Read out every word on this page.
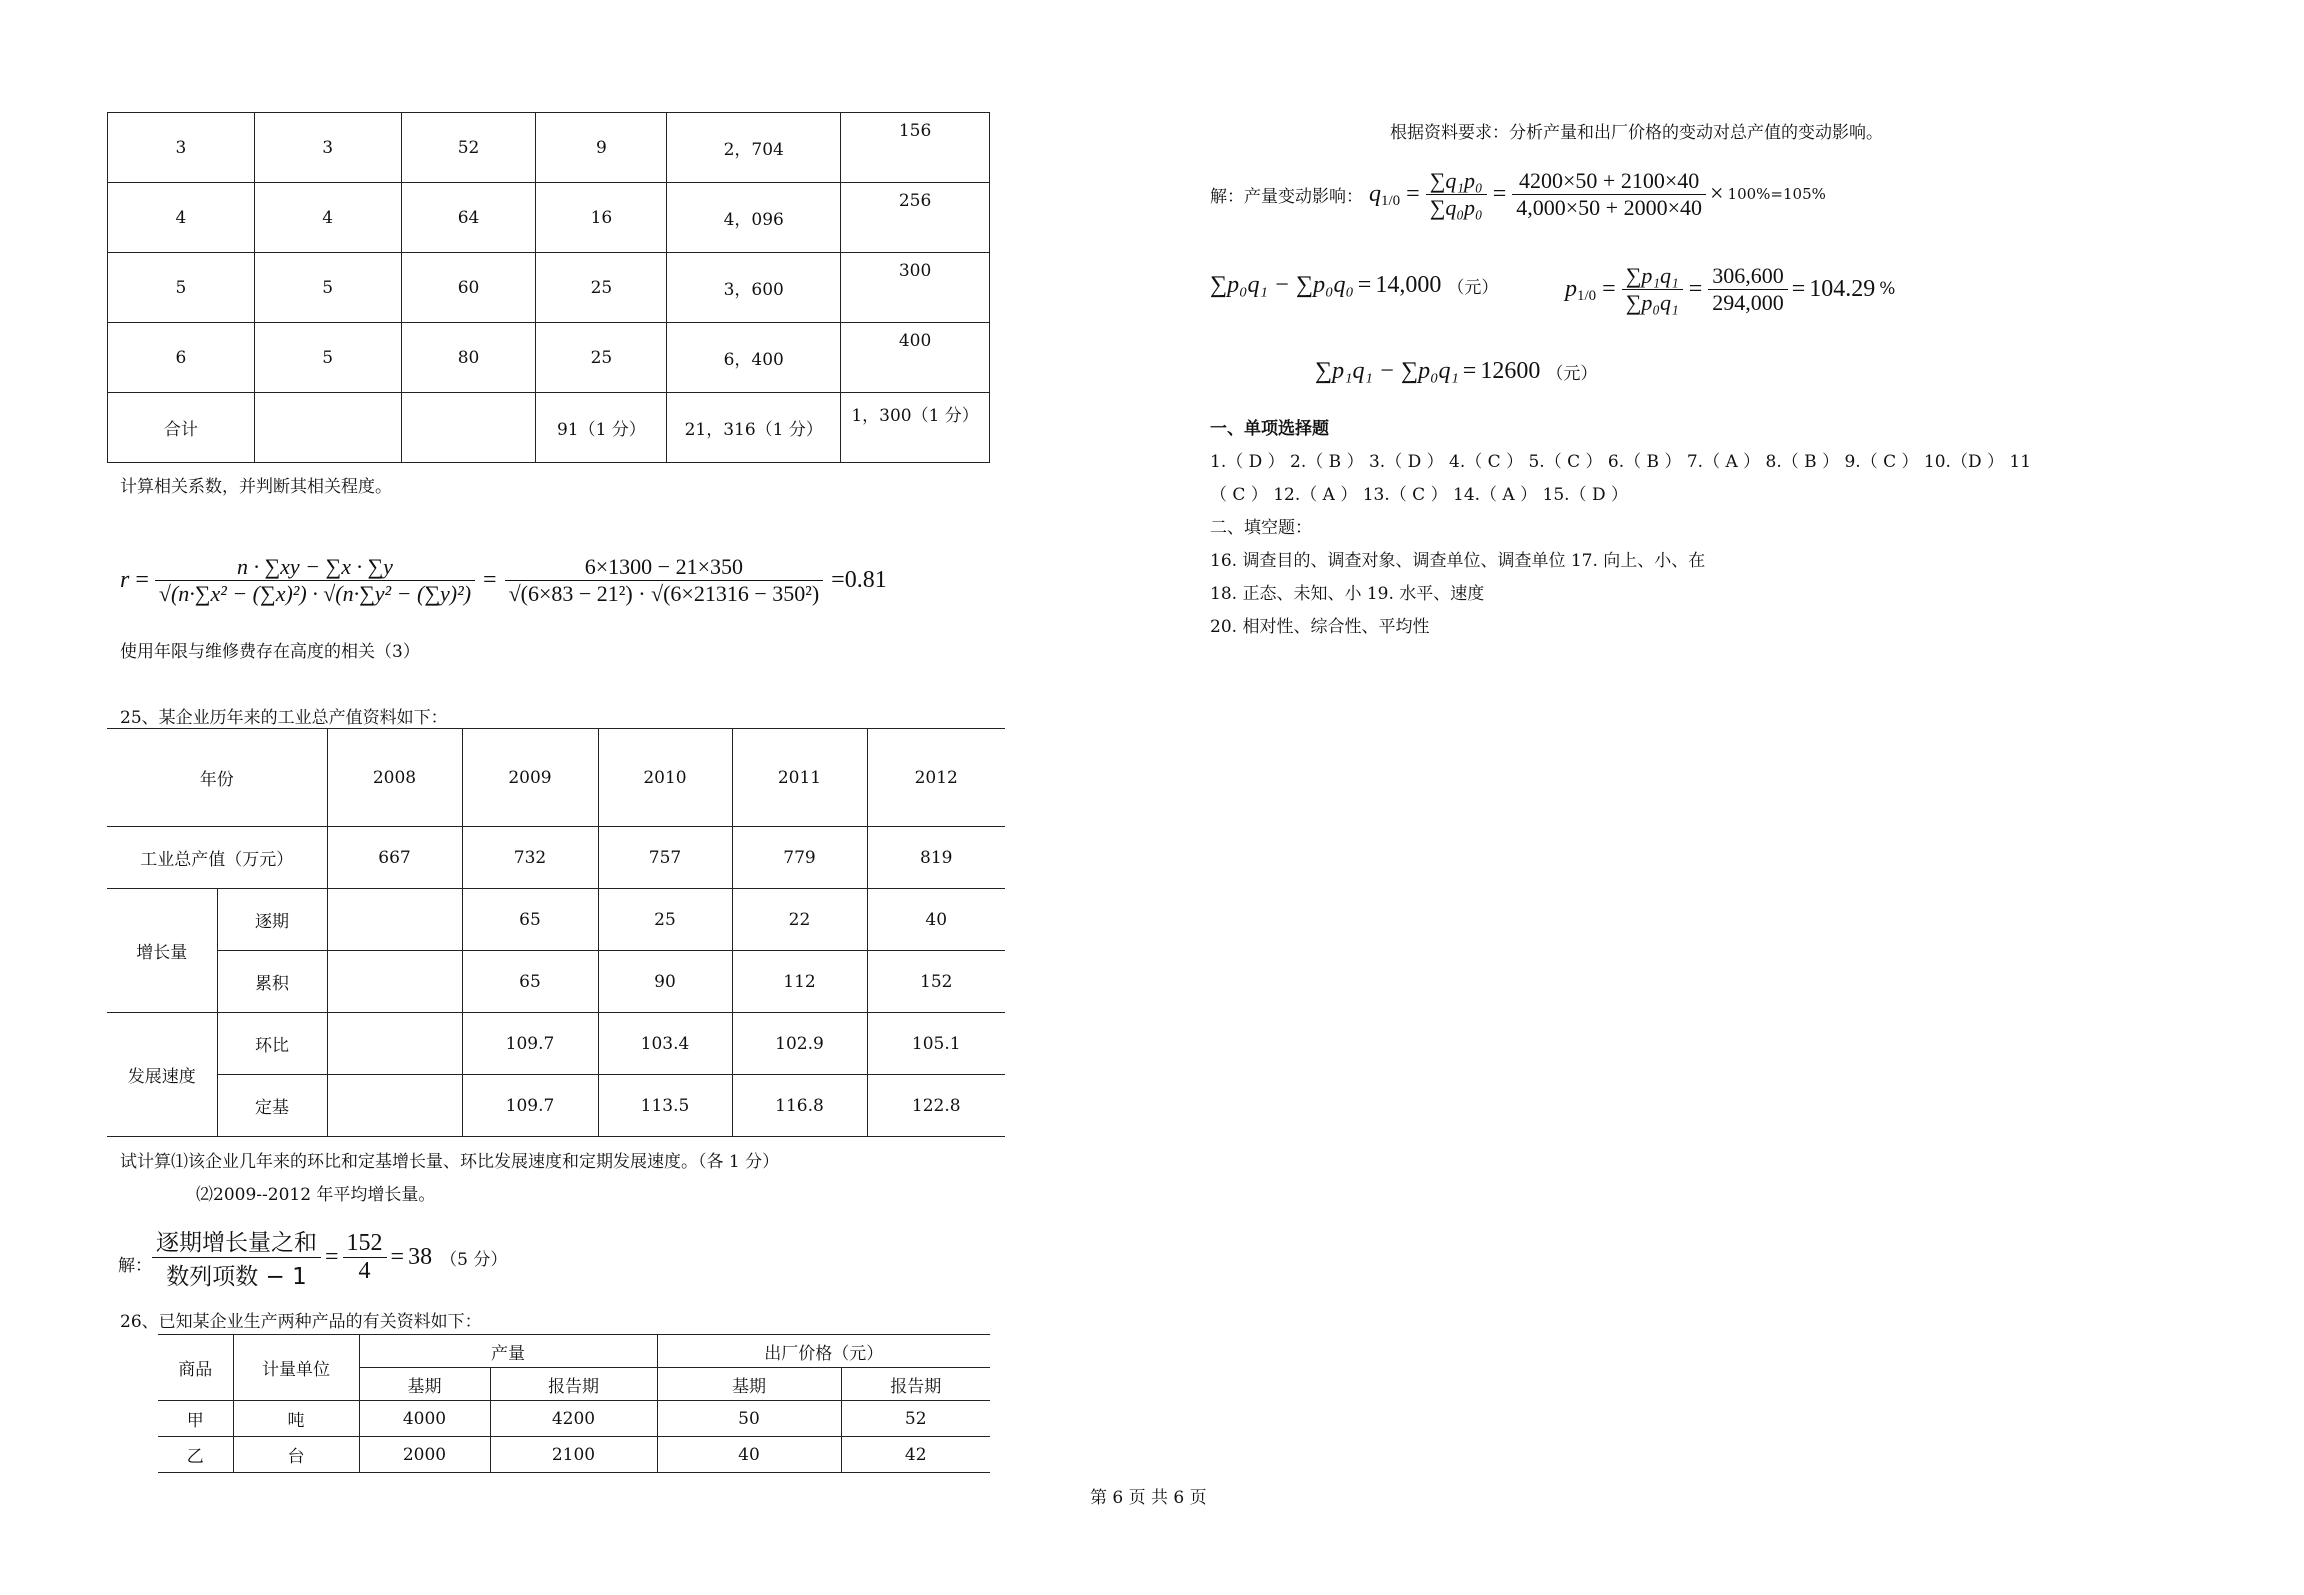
3	3	52	9	2，704	156
4	4	64	16	4，096	256
5	5	60	25	3，600	300
6	5	80	25	6，400	400
合计			91（1 分）	21，316（1 分）	1，300（1 分）
计算相关系数，并判断其相关程度。
$r = \frac{n \cdot \sum xy - \sum x \cdot \sum y}{\text{√(n·∑x² − (∑x)²) · √(n·∑y² − (∑y)²)}} = \frac{6\times 1300 - 21\times 350}{\text{√(6×83 − 21²) · √(6×21316 − 350²)}} = 0.81$
使用年限与维修费存在高度的相关（3）
25、某企业历年来的工业总产值资料如下：
年份		2008	2009	2010	2011	2012
工业总产值（万元）		667	732	757	779	819
增长量	逐期		65	25	22	40
	累积		65	90	112	152
发展速度	环比		109.7	103.4	102.9	105.1
	定基		109.7	113.5	116.8	122.8
试计算⑴该企业几年来的环比和定基增长量、环比发展速度和定期发展速度。（各 1 分）
⑵2009--2012 年平均增长量。
解： $\frac{\text{逐期增长量之和}}{\text{数列项数 − 1}} = \frac{152}{4} = 38$ （5 分）
26、已知某企业生产两种产品的有关资料如下：
商品	计量单位	产量		出厂价格（元）	
		基期	报告期	基期	报告期
甲	吨	4000	4200	50	52
乙	台	2000	2100	40	42
根据资料要求：分析产量和出厂价格的变动对总产值的变动影响。
解：产量变动影响： q $1/0 = \frac{\text{∑q₁p₀}}{\text{∑q₀p₀}} = \frac{4200\times 50 + 2100\times 40}{4,000\times 50 + 2000\times 40} \times 100\%=105\%$
∑p₀q₁ − ∑p₀q₀ = 14,000 （元）	p $1/0 = \frac{\text{∑p₁q₁}}{\text{∑p₀q₁}} = \frac{306,600}{294,000} = 104.29$ %
∑p₁q₁ − ∑p₀q₁ = 12600 （元）
一、单项选择题
1.（ D ） 2.（ B ） 3.（ D ） 4.（ C ） 5.（ C ） 6.（ B ） 7.（ A ） 8.（ B ） 9.（ C ） 10.（D ） 11
（ C ） 12.（ A ） 13.（ C ） 14.（ A ） 15.（ D ）
二、填空题：
16. 调查目的、调查对象、调查单位、调查单位 17. 向上、小、在
18. 正态、未知、小 19. 水平、速度
20. 相对性、综合性、平均性
第 6 页 共 6 页
